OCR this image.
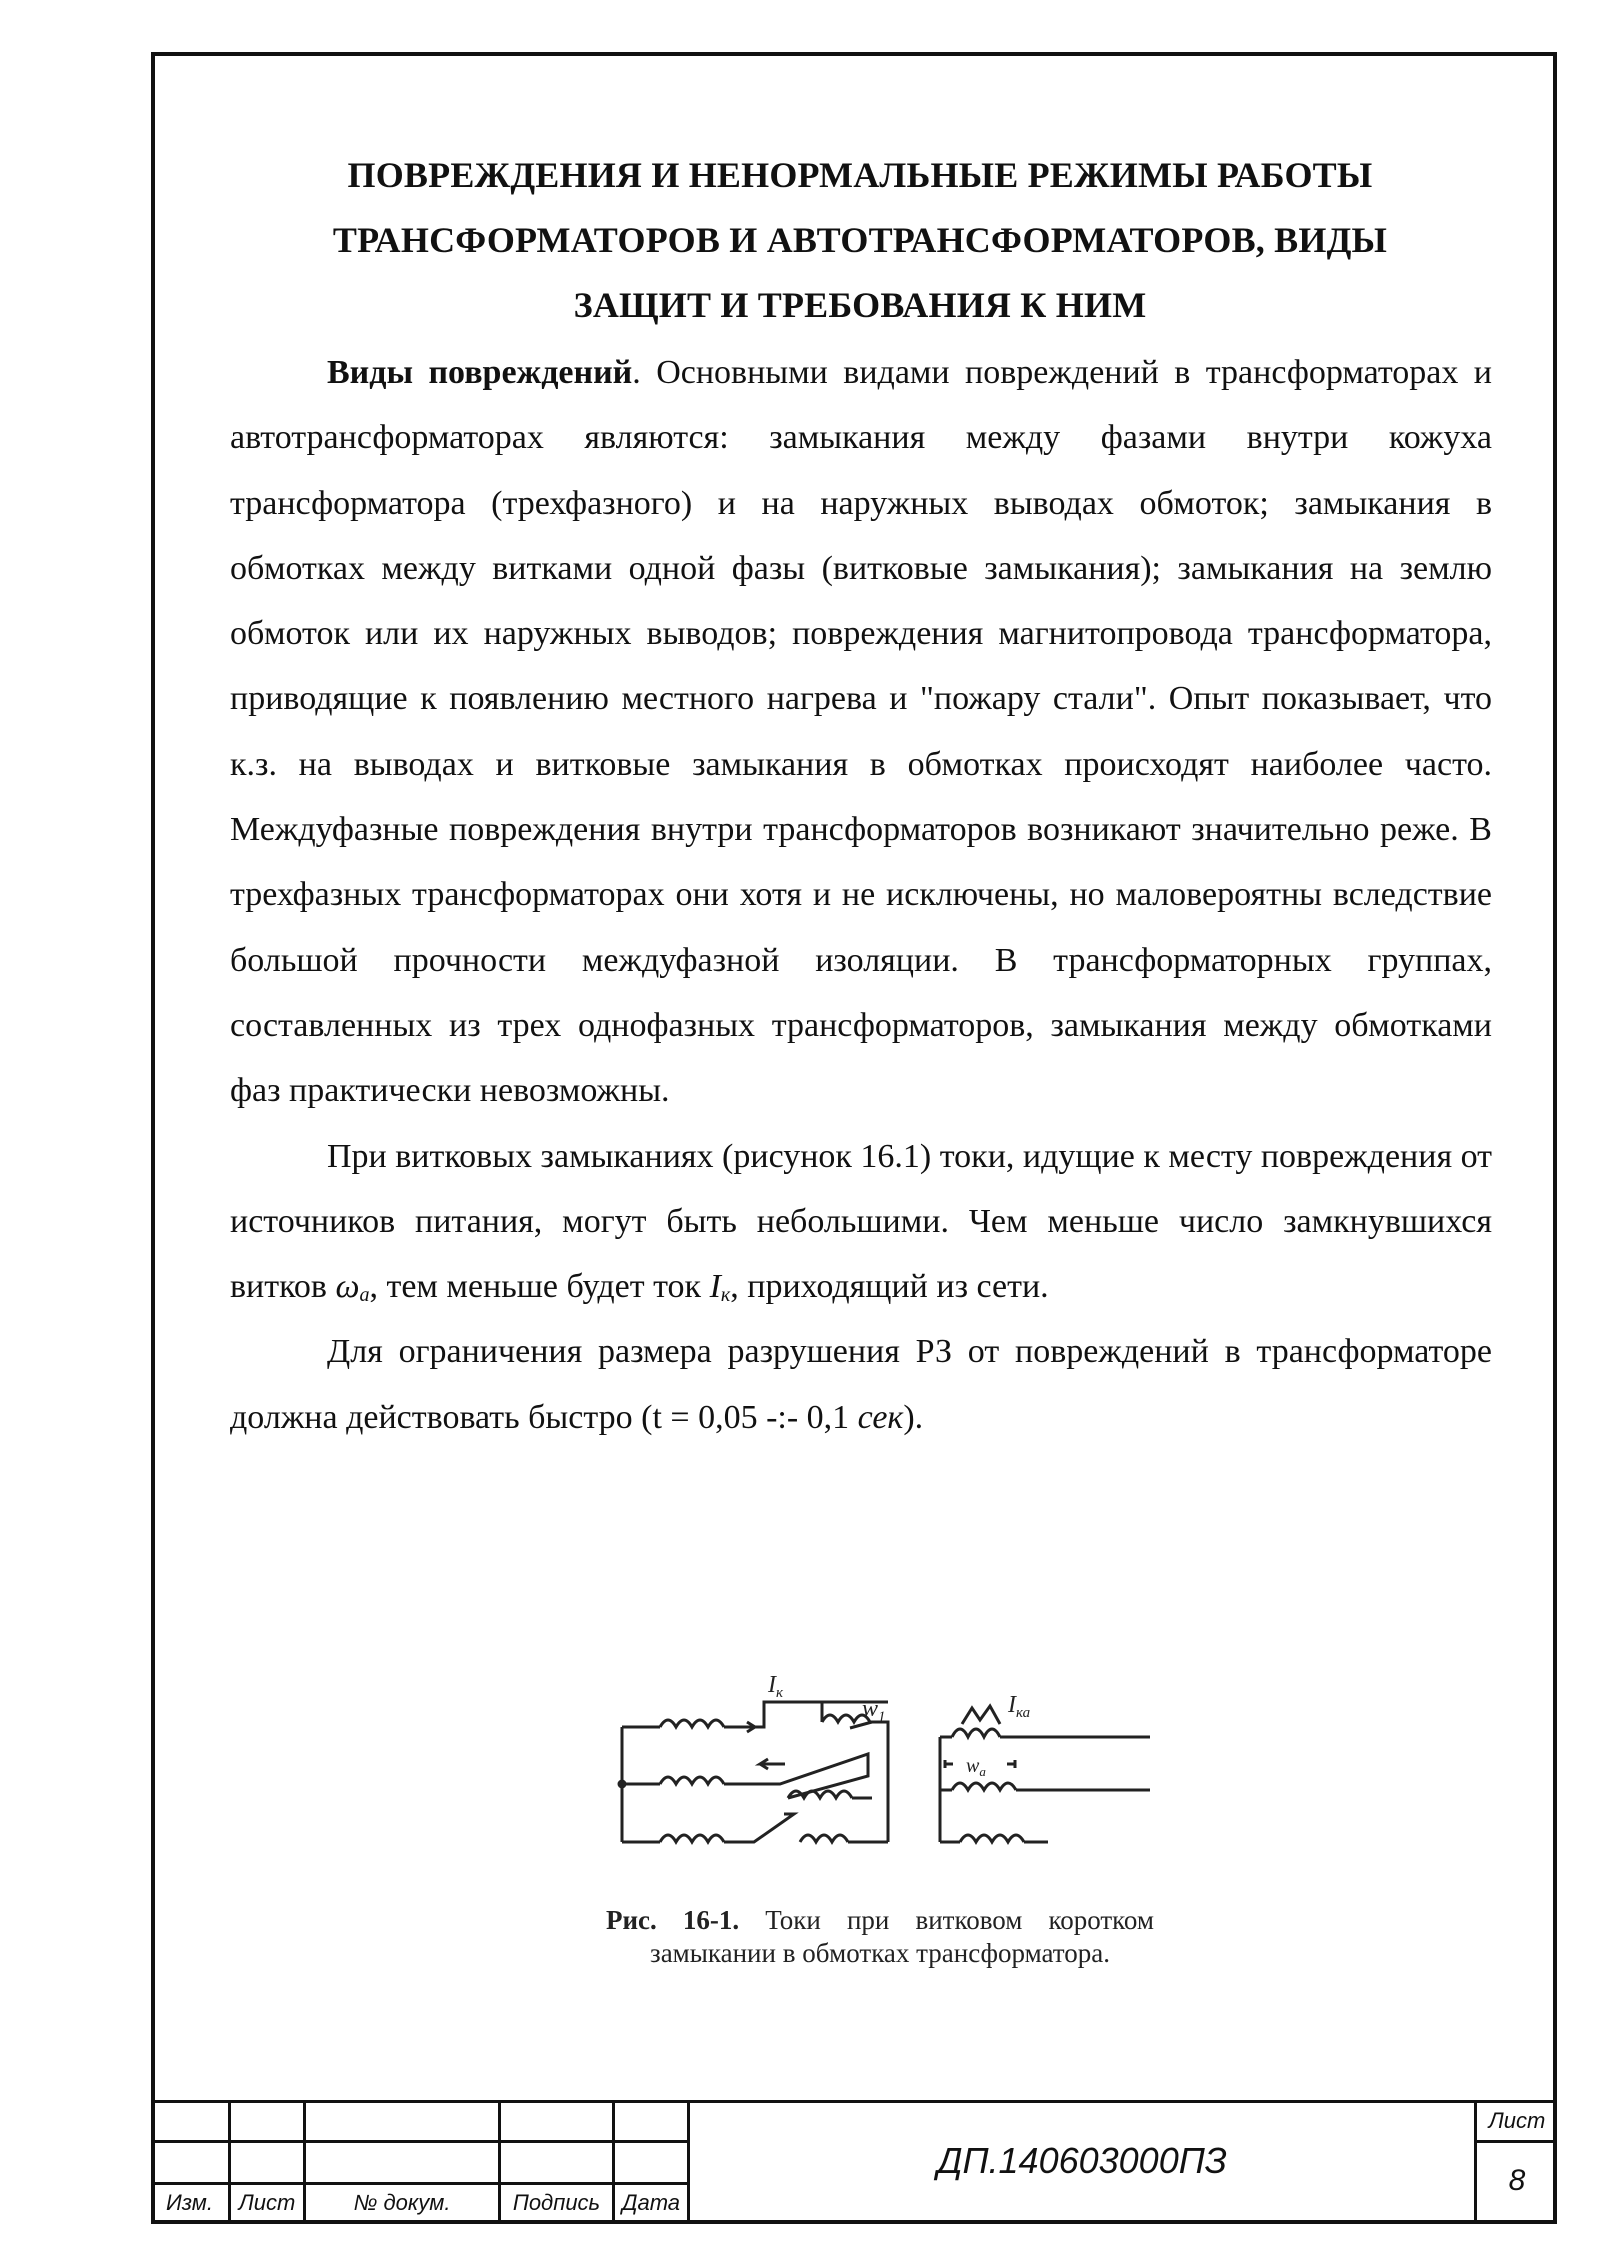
ПОВРЕЖДЕНИЯ И НЕНОРМАЛЬНЫЕ РЕЖИМЫ РАБОТЫ
ТРАНСФОРМАТОРОВ И АВТОТРАНСФОРМАТОРОВ, ВИДЫ
ЗАЩИТ И ТРЕБОВАНИЯ К НИМ

Виды повреждений. Основными видами повреждений в трансформаторах и автотрансформаторах являются: замыкания между фазами внутри кожуха трансформатора (трехфазного) и на наружных выводах обмоток; замыкания в обмотках между витками одной фазы (витковые замыкания); замыкания на землю обмоток или их наружных выводов; повреждения магнитопровода трансформатора, приводящие к появлению местного нагрева и "пожару стали". Опыт показывает, что к.з. на выводах и витковые замыкания в обмотках происходят наиболее часто. Междуфазные повреждения внутри трансформаторов возникают значительно реже. В трехфазных трансформаторах они хотя и не исключены, но маловероятны вследствие большой прочности междуфазной изоляции. В трансформаторных группах, составленных из трех однофазных трансформаторов, замыкания между обмотками фаз практически невозможны.

При витковых замыканиях (рисунок 16.1) токи, идущие к месту повреждения от источников питания, могут быть небольшими. Чем меньше число замкнувшихся витков $\omega_а$, тем меньше будет ток $I_к$, приходящий из сети.

Для ограничения размера разрушения РЗ от повреждений в трансформаторе должна действовать быстро (t = 0,05 -:- 0,1 сек).

$I_к$
$w_1$	$I_{ка}$
$w_а$
Рис. 16-1. Токи при витковом коротком замыкании в обмотках трансформатора.
Изм.	Лист	№ докум.	Подпись Дата
ДП.140603000ПЗ
Лист
8
